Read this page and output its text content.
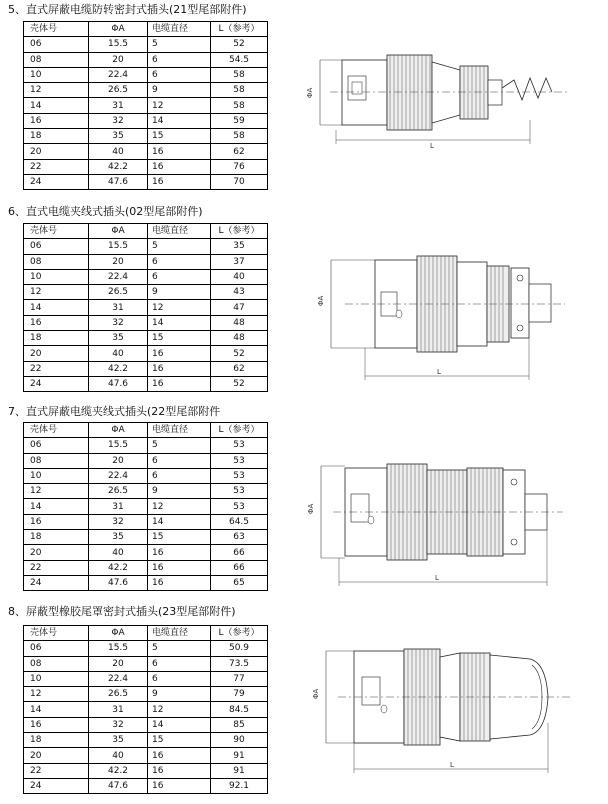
5、直式屏蔽电缆防转密封式插头(21型尾部附件)
壳体号	ΦA	电缆直径	L（参考）
06	15.5	5	52
08	20	6	54.5
10	22.4	6	58
12	26.5	9	58
14	31	12	58
16	32	14	59
18	35	15	58
20	40	16	62
22	42.2	16	76
24	47.6	16	70
ΦA
L
6、直式电缆夹线式插头(02型尾部附件)
壳体号	ΦA	电缆直径	L（参考）
06	15.5	5	35
08	20	6	37
10	22.4	6	40
12	26.5	9	43
14	31	12	47
16	32	14	48
18	35	15	48
20	40	16	52
22	42.2	16	62
24	47.6	16	52
ΦA
L
7、直式屏蔽电缆夹线式插头(22型尾部附件
壳体号	ΦA	电缆直径	L（参考）
06	15.5	5	53
08	20	6	53
10	22.4	6	53
12	26.5	9	53
14	31	12	53
16	32	14	64.5
18	35	15	63
20	40	16	66
22	42.2	16	66
24	47.6	16	65
ΦA
L
8、屏蔽型橡胶尾罩密封式插头(23型尾部附件)
壳体号	ΦA	电缆直径	L（参考）
06	15.5	5	50.9
08	20	6	73.5
10	22.4	6	77
12	26.5	9	79
14	31	12	84.5
16	32	14	85
18	35	15	90
20	40	16	91
22	42.2	16	91
24	47.6	16	92.1
ΦA
L
